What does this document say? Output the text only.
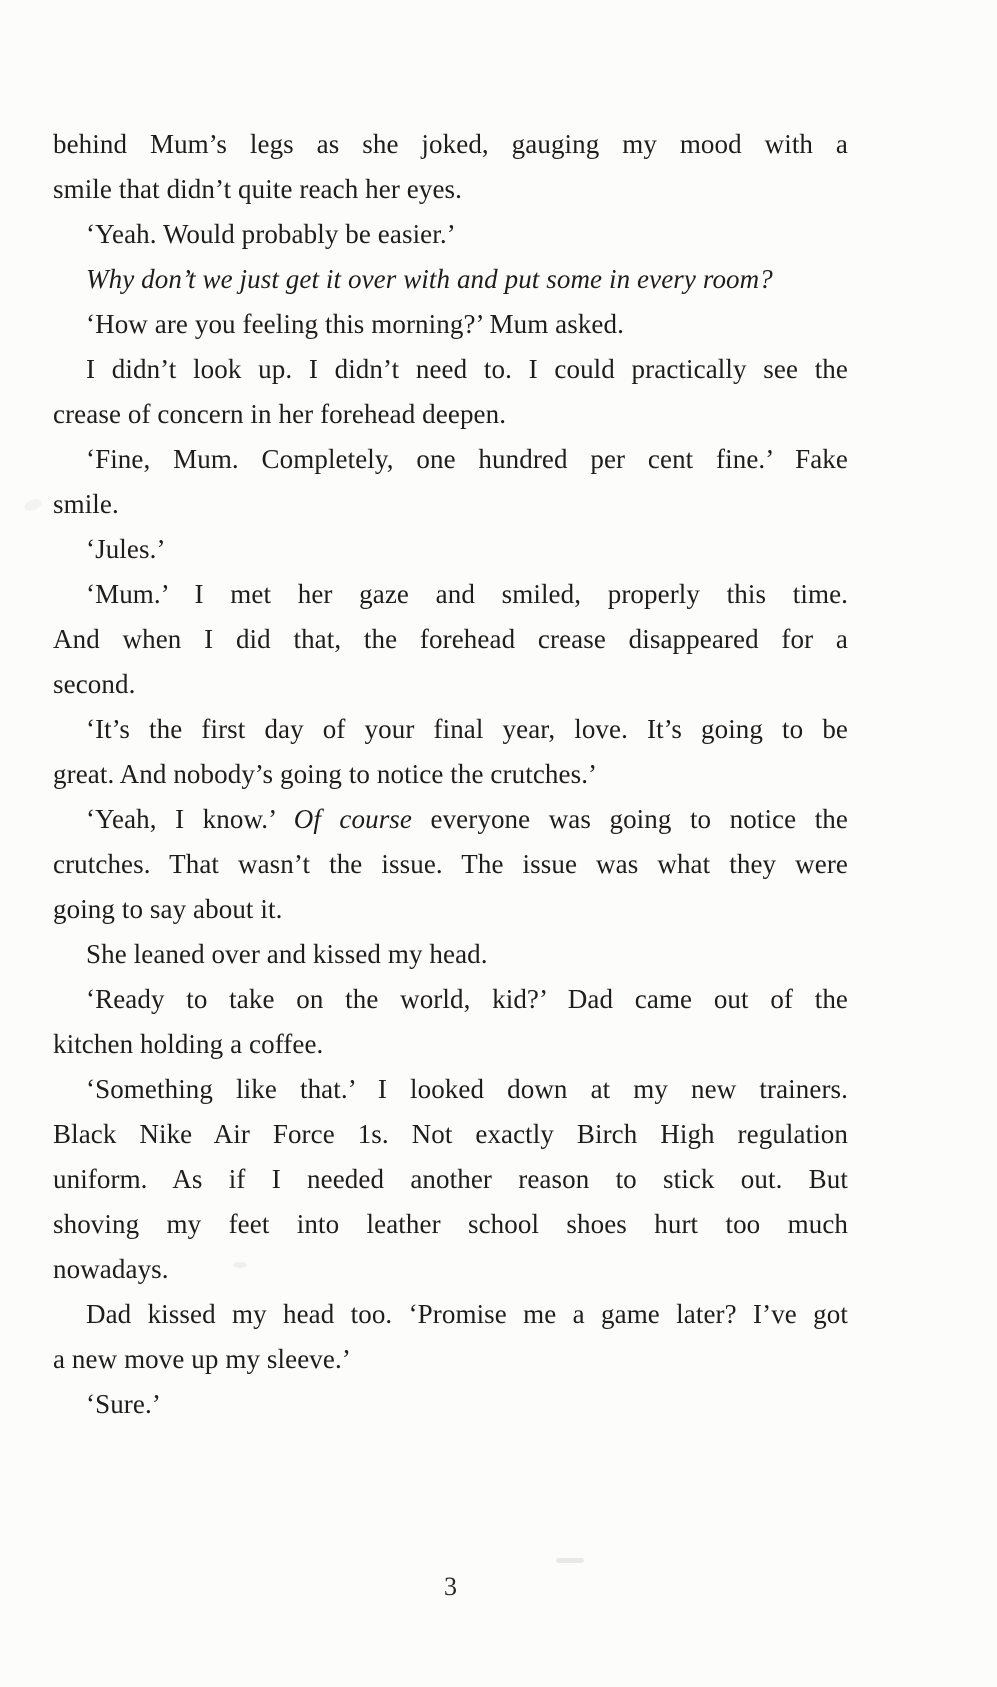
behind Mum’s legs as she joked, gauging my mood with a
smile that didn’t quite reach her eyes.

‘Yeah. Would probably be easier.’

Why don’t we just get it over with and put some in every room?

‘How are you feeling this morning?’ Mum asked.

I didn’t look up. I didn’t need to. I could practically see the
crease of concern in her forehead deepen.

‘Fine, Mum. Completely, one hundred per cent fine.’ Fake
smile.

‘Jules.’

‘Mum.’ I met her gaze and smiled, properly this time.
And when I did that, the forehead crease disappeared for a
second.

‘It’s the first day of your final year, love. It’s going to be
great. And nobody’s going to notice the crutches.’

‘Yeah, I know.’ Of course everyone was going to notice the
crutches. That wasn’t the issue. The issue was what they were
going to say about it.

She leaned over and kissed my head.

‘Ready to take on the world, kid?’ Dad came out of the
kitchen holding a coffee.

‘Something like that.’ I looked down at my new trainers.
Black Nike Air Force 1s. Not exactly Birch High regulation
uniform. As if I needed another reason to stick out. But
shoving my feet into leather school shoes hurt too much
nowadays.

Dad kissed my head too. ‘Promise me a game later? I’ve got
a new move up my sleeve.’

‘Sure.’

3
